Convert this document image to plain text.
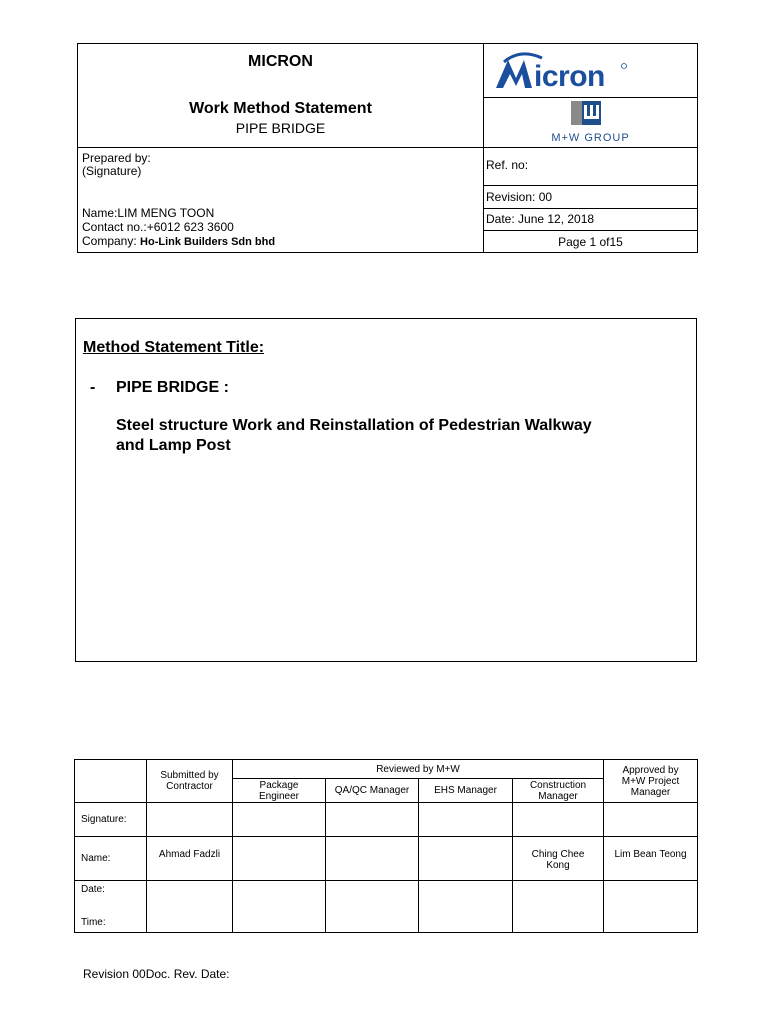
MICRON
Work Method Statement
PIPE BRIDGE
Prepared by:
(Signature)
Name:LIM MENG TOON
Contact no.:+6012 623 3600
Company: Ho-Link Builders Sdn bhd
Ref. no:
Revision: 00
Date: June 12, 2018
Page 1 of15
icron
M+W GROUP
Method Statement Title:
- PIPE BRIDGE :
Steel structure Work and Reinstallation of Pedestrian Walkway
and Lamp Post
	Submitted by Contractor	Reviewed by M+W				Approved by M+W Project Manager
		Package Engineer	QA/QC Manager	EHS Manager	Construction Manager	
Signature:						
Name:	Ahmad Fadzli				Ching Chee Kong	Lim Bean Teong

Date:
Time:						

Revision 00Doc. Rev. Date:
